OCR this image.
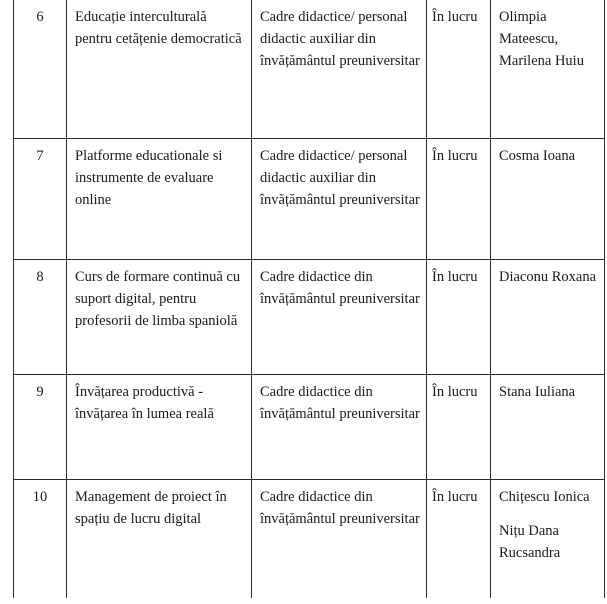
6	Educație interculturală pentru cetățenie democratică	Cadre didactice/ personal didactic auxiliar din învățământul preuniversitar	În lucru	Olimpia Mateescu, Marilena Huiu

7	Platforme educationale si instrumente de evaluare online	Cadre didactice/ personal didactic auxiliar din învățământul preuniversitar	În lucru	Cosma Ioana

8	Curs de formare continuă cu suport digital, pentru profesorii de limba spaniolă	Cadre didactice din învățământul preuniversitar	În lucru	Diaconu Roxana

9	Învățarea productivă - învățarea în lumea reală	Cadre didactice din învățământul preuniversitar	În lucru	Stana Iuliana

10	Management de proiect în spațiu de lucru digital	Cadre didactice din învățământul preuniversitar	În lucru	Chițescu Ionica
Nițu Dana Rucsandra
